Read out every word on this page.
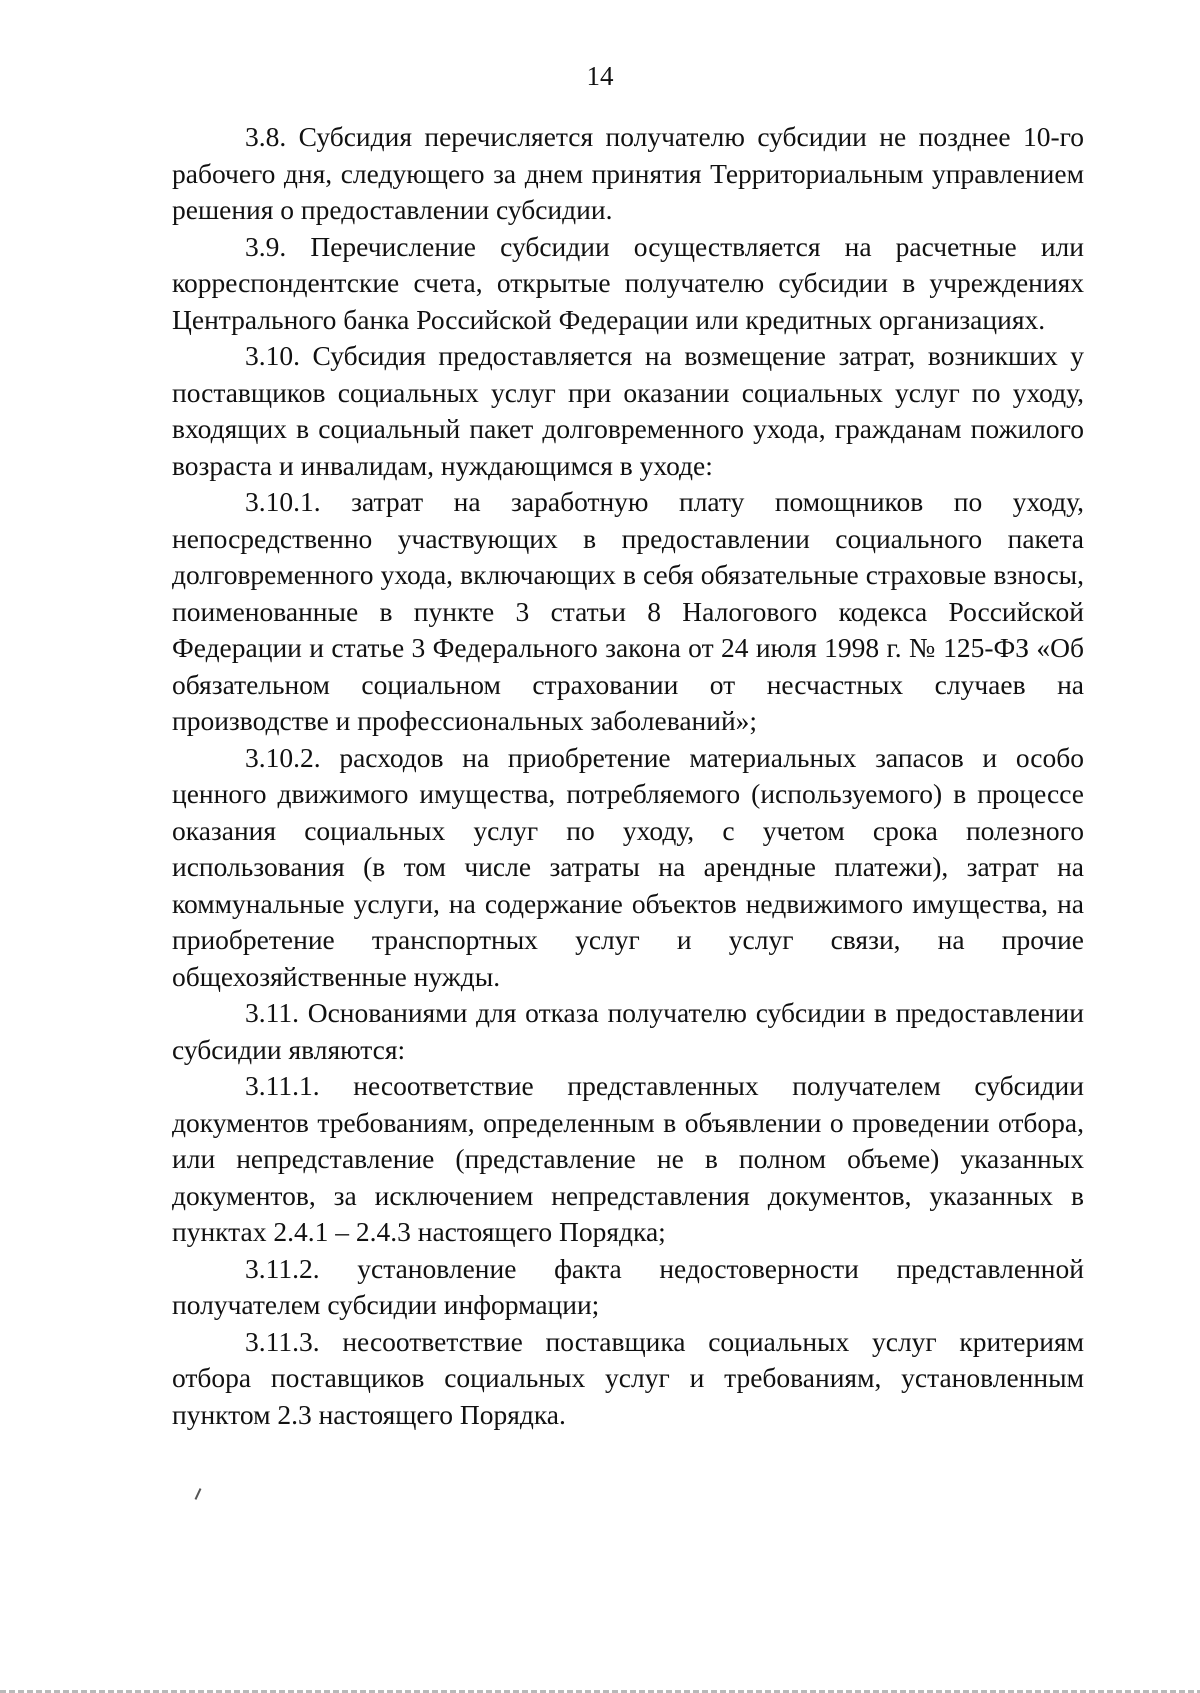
14

3.8. Субсидия перечисляется получателю субсидии не позднее 10-го рабочего дня, следующего за днем принятия Территориальным управлением решения о предоставлении субсидии.

3.9. Перечисление субсидии осуществляется на расчетные или корреспондентские счета, открытые получателю субсидии в учреждениях Центрального банка Российской Федерации или кредитных организациях.

3.10. Субсидия предоставляется на возмещение затрат, возникших у поставщиков социальных услуг при оказании социальных услуг по уходу, входящих в социальный пакет долговременного ухода, гражданам пожилого возраста и инвалидам, нуждающимся в уходе:

3.10.1. затрат на заработную плату помощников по уходу, непосредственно участвующих в предоставлении социального пакета долговременного ухода, включающих в себя обязательные страховые взносы, поименованные в пункте 3 статьи 8 Налогового кодекса Российской Федерации и статье 3 Федерального закона от 24 июля 1998 г. № 125-ФЗ «Об обязательном социальном страховании от несчастных случаев на производстве и профессиональных заболеваний»;

3.10.2. расходов на приобретение материальных запасов и особо ценного движимого имущества, потребляемого (используемого) в процессе оказания социальных услуг по уходу, с учетом срока полезного использования (в том числе затраты на арендные платежи), затрат на коммунальные услуги, на содержание объектов недвижимого имущества, на приобретение транспортных услуг и услуг связи, на прочие общехозяйственные нужды.

3.11. Основаниями для отказа получателю субсидии в предоставлении субсидии являются:

3.11.1. несоответствие представленных получателем субсидии документов требованиям, определенным в объявлении о проведении отбора, или непредставление (представление не в полном объеме) указанных документов, за исключением непредставления документов, указанных в пунктах 2.4.1 – 2.4.3 настоящего Порядка;

3.11.2. установление факта недостоверности представленной получателем субсидии информации;

3.11.3. несоответствие поставщика социальных услуг критериям отбора поставщиков социальных услуг и требованиям, установленным пунктом 2.3 настоящего Порядка.
